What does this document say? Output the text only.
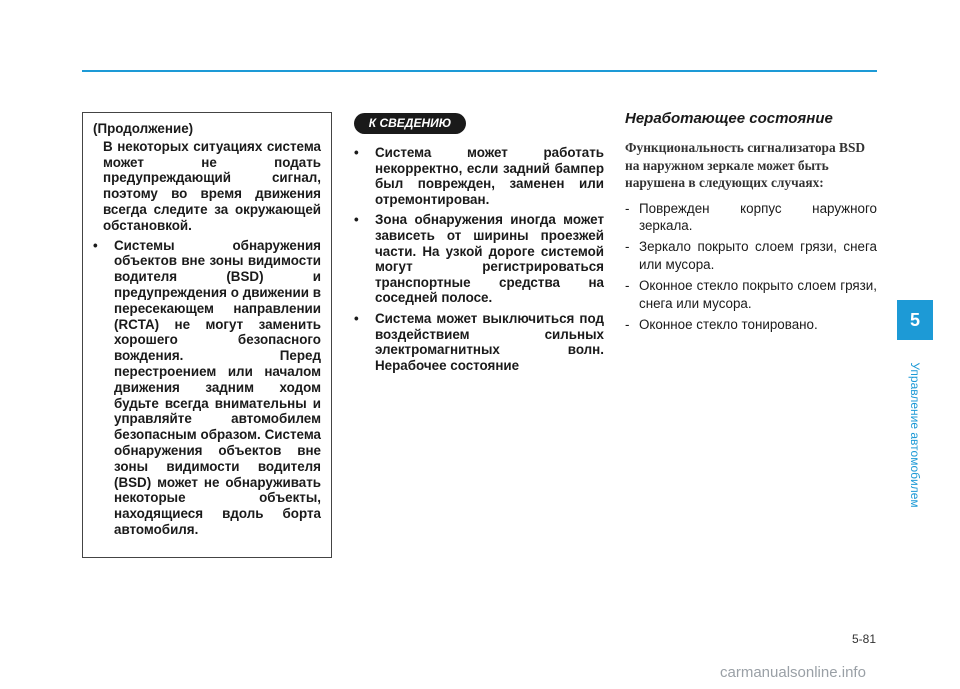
(Продолжение)

В некоторых ситуациях система может не подать предупреждающий сигнал, поэтому во время движения всегда следите за окружающей обстановкой.

• Системы обнаружения объектов вне зоны видимости водителя (BSD) и предупреждения о движении в пересекающем направлении (RCTA) не могут заменить хорошего безопасного вождения. Перед перестроением или началом движения задним ходом будьте всегда внимательны и управляйте автомобилем безопасным образом. Система обнаружения объектов вне зоны видимости водителя (BSD) может не обнаруживать некоторые объекты, находящиеся вдоль борта автомобиля.
К СВЕДЕНИЮ
• Система может работать некорректно, если задний бампер был поврежден, заменен или отремонтирован.
• Зона обнаружения иногда может зависеть от ширины проезжей части. На узкой дороге системой могут регистрироваться транспортные средства на соседней полосе.
• Система может выключиться под воздействием сильных электромагнитных волн. Нерабочее состояние
Неработающее состояние

Функциональность сигнализатора BSD на наружном зеркале может быть нарушена в следующих случаях:

- Поврежден корпус наружного зеркала.
- Зеркало покрыто слоем грязи, снега или мусора.
- Оконное стекло покрыто слоем грязи, снега или мусора.
- Оконное стекло тонировано.	5
Управление автомобилем
5-81
carmanualsonline.info
